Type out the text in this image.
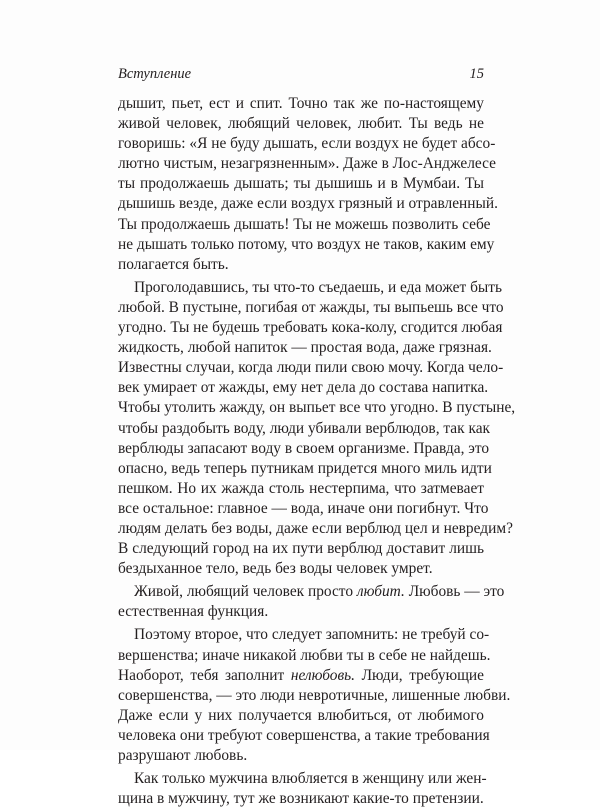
Вступление	15
дышит, пьет, ест и спит. Точно так же по-настоящему
живой человек, любящий человек, любит. Ты ведь не
говоришь: «Я не буду дышать, если воздух не будет абсо-
лютно чистым, незагрязненным». Даже в Лос-Анджелесе
ты продолжаешь дышать; ты дышишь и в Мумбаи. Ты
дышишь везде, даже если воздух грязный и отравленный.
Ты продолжаешь дышать! Ты не можешь позволить себе
не дышать только потому, что воздух не таков, каким ему
полагается быть.
Проголодавшись, ты что-то съедаешь, и еда может быть
любой. В пустыне, погибая от жажды, ты выпьешь все что
угодно. Ты не будешь требовать кока-колу, сгодится любая
жидкость, любой напиток — простая вода, даже грязная.
Известны случаи, когда люди пили свою мочу. Когда чело-
век умирает от жажды, ему нет дела до состава напитка.
Чтобы утолить жажду, он выпьет все что угодно. В пустыне,
чтобы раздобыть воду, люди убивали верблюдов, так как
верблюды запасают воду в своем организме. Правда, это
опасно, ведь теперь путникам придется много миль идти
пешком. Но их жажда столь нестерпима, что затмевает
все остальное: главное — вода, иначе они погибнут. Что
людям делать без воды, даже если верблюд цел и невредим?
В следующий город на их пути верблюд доставит лишь
бездыханное тело, ведь без воды человек умрет.
Живой, любящий человек просто любит. Любовь — это
естественная функция.
Поэтому второе, что следует запомнить: не требуй со-
вершенства; иначе никакой любви ты в себе не найдешь.
Наоборот, тебя заполнит нелюбовь. Люди, требующие
совершенства, — это люди невротичные, лишенные любви.
Даже если у них получается влюбиться, от любимого
человека они требуют совершенства, а такие требования
разрушают любовь.
Как только мужчина влюбляется в женщину или жен-
щина в мужчину, тут же возникают какие-то претензии.
